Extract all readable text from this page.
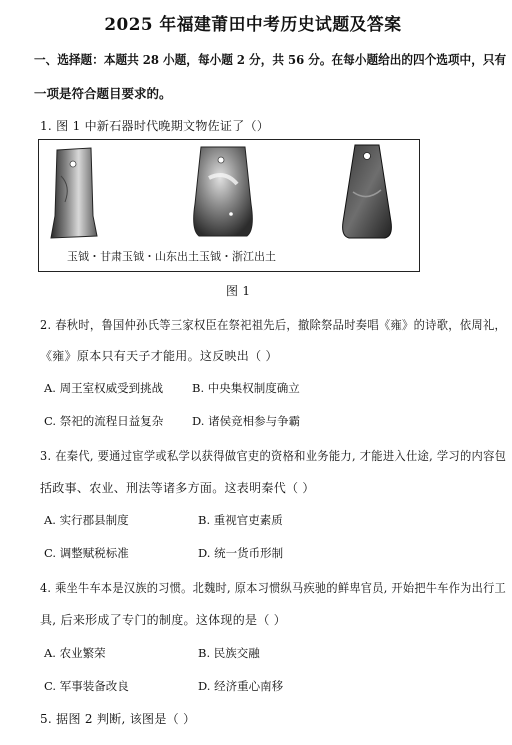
2025 年福建莆田中考历史试题及答案
一、选择题：本题共 28 小题，每小题 2 分，共 56 分。在每小题给出的四个选项中，只有
一项是符合题目要求的。
1. 图 1 中新石器时代晚期文物佐证了（）
玉钺・甘肃玉钺・山东出土玉钺・浙江出土
图 1
2. 春秋时，鲁国仲孙氏等三家权臣在祭祀祖先后，撤除祭品时奏唱《雍》的诗歌，依周礼，
《雍》原本只有天子才能用。这反映出（ ）
A. 周王室权威受到挑战	B. 中央集权制度确立
C. 祭祀的流程日益复杂	D. 诸侯竞相参与争霸
3. 在秦代, 要通过宦学或私学以获得做官吏的资格和业务能力, 才能进入仕途, 学习的内容包
括政事、农业、刑法等诸多方面。这表明秦代（ ）
A. 实行郡县制度	B. 重视官吏素质
C. 调整赋税标准	D. 统一货币形制
4. 乘坐牛车本是汉族的习惯。北魏时, 原本习惯纵马疾驰的鲜卑官员, 开始把牛车作为出行工
具, 后来形成了专门的制度。这体现的是（ ）
A. 农业繁荣	B. 民族交融
C. 军事装备改良	D. 经济重心南移
5. 据图 2 判断, 该图是（ ）
